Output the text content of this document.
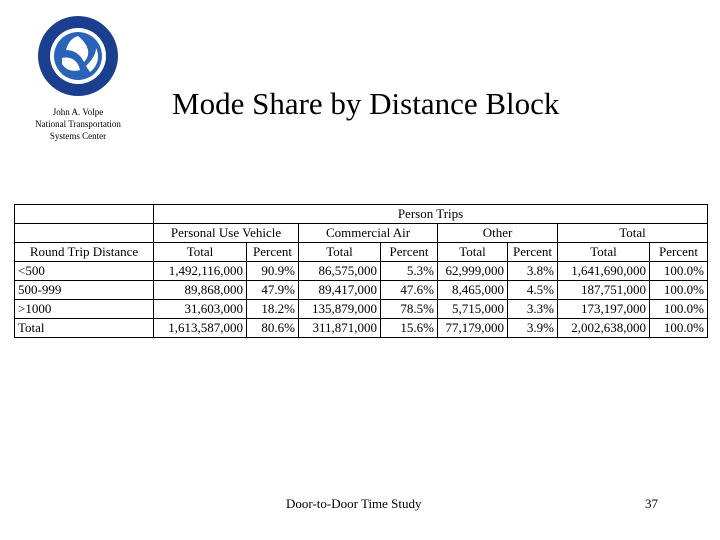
John A. Volpe
National Transportation
Systems Center
Mode Share by Distance Block
	Person Trips							
	Personal Use Vehicle		Commercial Air		Other		Total	
Round Trip Distance	Total	Percent	Total	Percent	Total	Percent	Total	Percent
<500	1,492,116,000	90.9%	86,575,000	5.3%	62,999,000	3.8%	1,641,690,000	100.0%
500-999	89,868,000	47.9%	89,417,000	47.6%	8,465,000	4.5%	187,751,000	100.0%
>1000	31,603,000	18.2%	135,879,000	78.5%	5,715,000	3.3%	173,197,000	100.0%
Total	1,613,587,000	80.6%	311,871,000	15.6%	77,179,000	3.9%	2,002,638,000	100.0%
Door-to-Door Time Study	37
